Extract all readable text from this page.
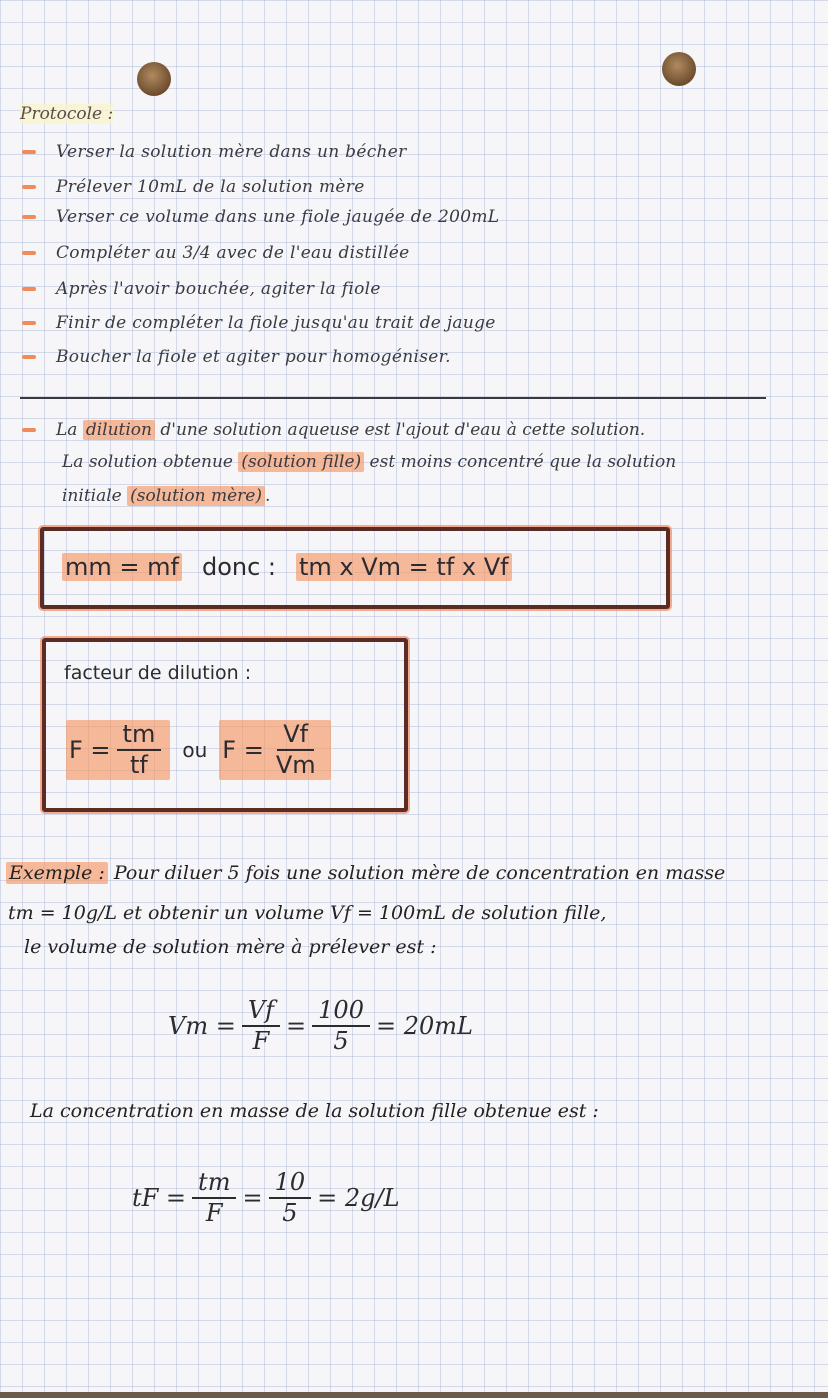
Protocole :
Verser la solution mère dans un bécher
Prélever 10mL de la solution mère
Verser ce volume dans une fiole jaugée de 200mL
Compléter au 3/4 avec de l'eau distillée
Après l'avoir bouchée, agiter la fiole
Finir de compléter la fiole jusqu'au trait de jauge
Boucher la fiole et agiter pour homogéniser.
La dilution d'une solution aqueuse est l'ajout d'eau à cette solution.
La solution obtenue (solution fille) est moins concentré que la solution
initiale (solution mère) .
mm = mf donc : tm x Vm = tf x Vf
facteur de dilution :
$F = \frac{tm}{tf}$ ou $F = \frac{Vf}{Vm}$
Exemple : Pour diluer 5 fois une solution mère de concentration en masse
tm = 10g/L et obtenir un volume Vf = 100mL de solution fille,
le volume de solution mère à prélever est :
$Vm = \frac{Vf}{F} = \frac{100}{5} = 20mL$
La concentration en masse de la solution fille obtenue est :
tF = $\frac{tm}{F} = \frac{10}{5} = 2g/L$
